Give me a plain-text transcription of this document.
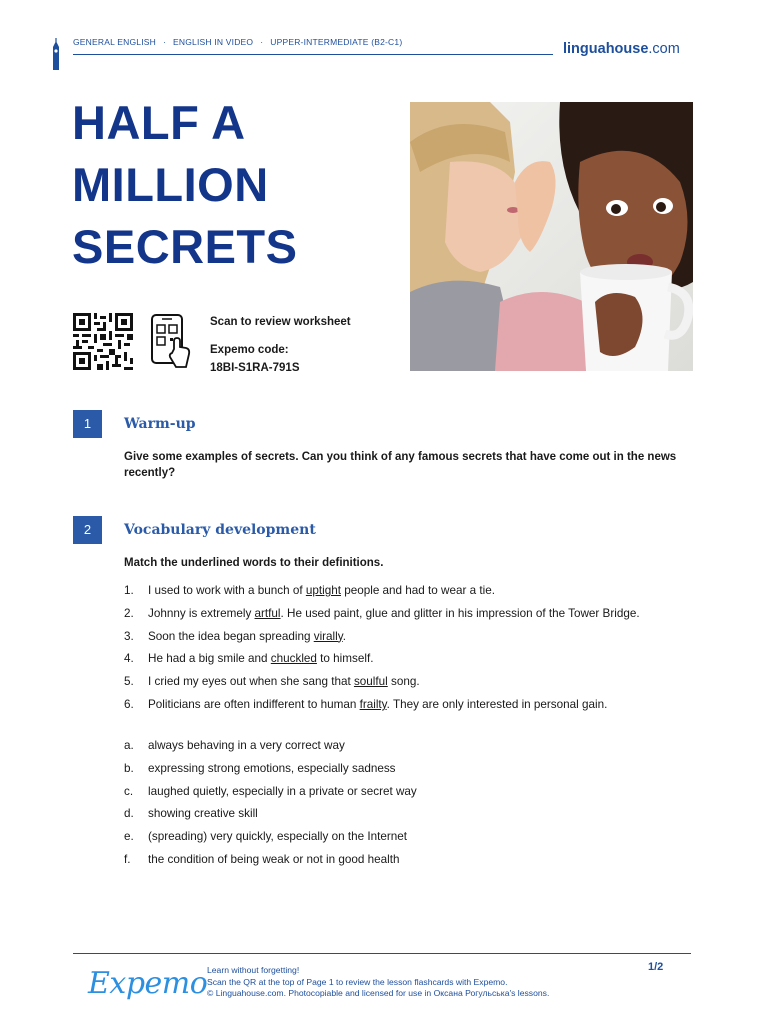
GENERAL ENGLISH · ENGLISH IN VIDEO · UPPER-INTERMEDIATE (B2-C1)	linguahouse.com
HALF A
MILLION
SECRETS
Scan to review worksheet
Expemo code:
18BI-S1RA-791S
1	Warm-up
Give some examples of secrets. Can you think of any famous secrets that have come out in the news recently?
2	Vocabulary development
Match the underlined words to their definitions.
1.	I used to work with a bunch of uptight people and had to wear a tie.
2.	Johnny is extremely artful. He used paint, glue and glitter in his impression of the Tower Bridge.
3.	Soon the idea began spreading virally.
4.	He had a big smile and chuckled to himself.
5.	I cried my eyes out when she sang that soulful song.
6.	Politicians are often indifferent to human frailty. They are only interested in personal gain.
a.	always behaving in a very correct way
b.	expressing strong emotions, especially sadness
c.	laughed quietly, especially in a private or secret way
d.	showing creative skill
e.	(spreading) very quickly, especially on the Internet
f.	the condition of being weak or not in good health
Expemo Learn without forgetting!
Scan the QR at the top of Page 1 to review the lesson flashcards with Expemo.
© Linguahouse.com. Photocopiable and licensed for use in Оксана Рогульська's lessons.
1/2
